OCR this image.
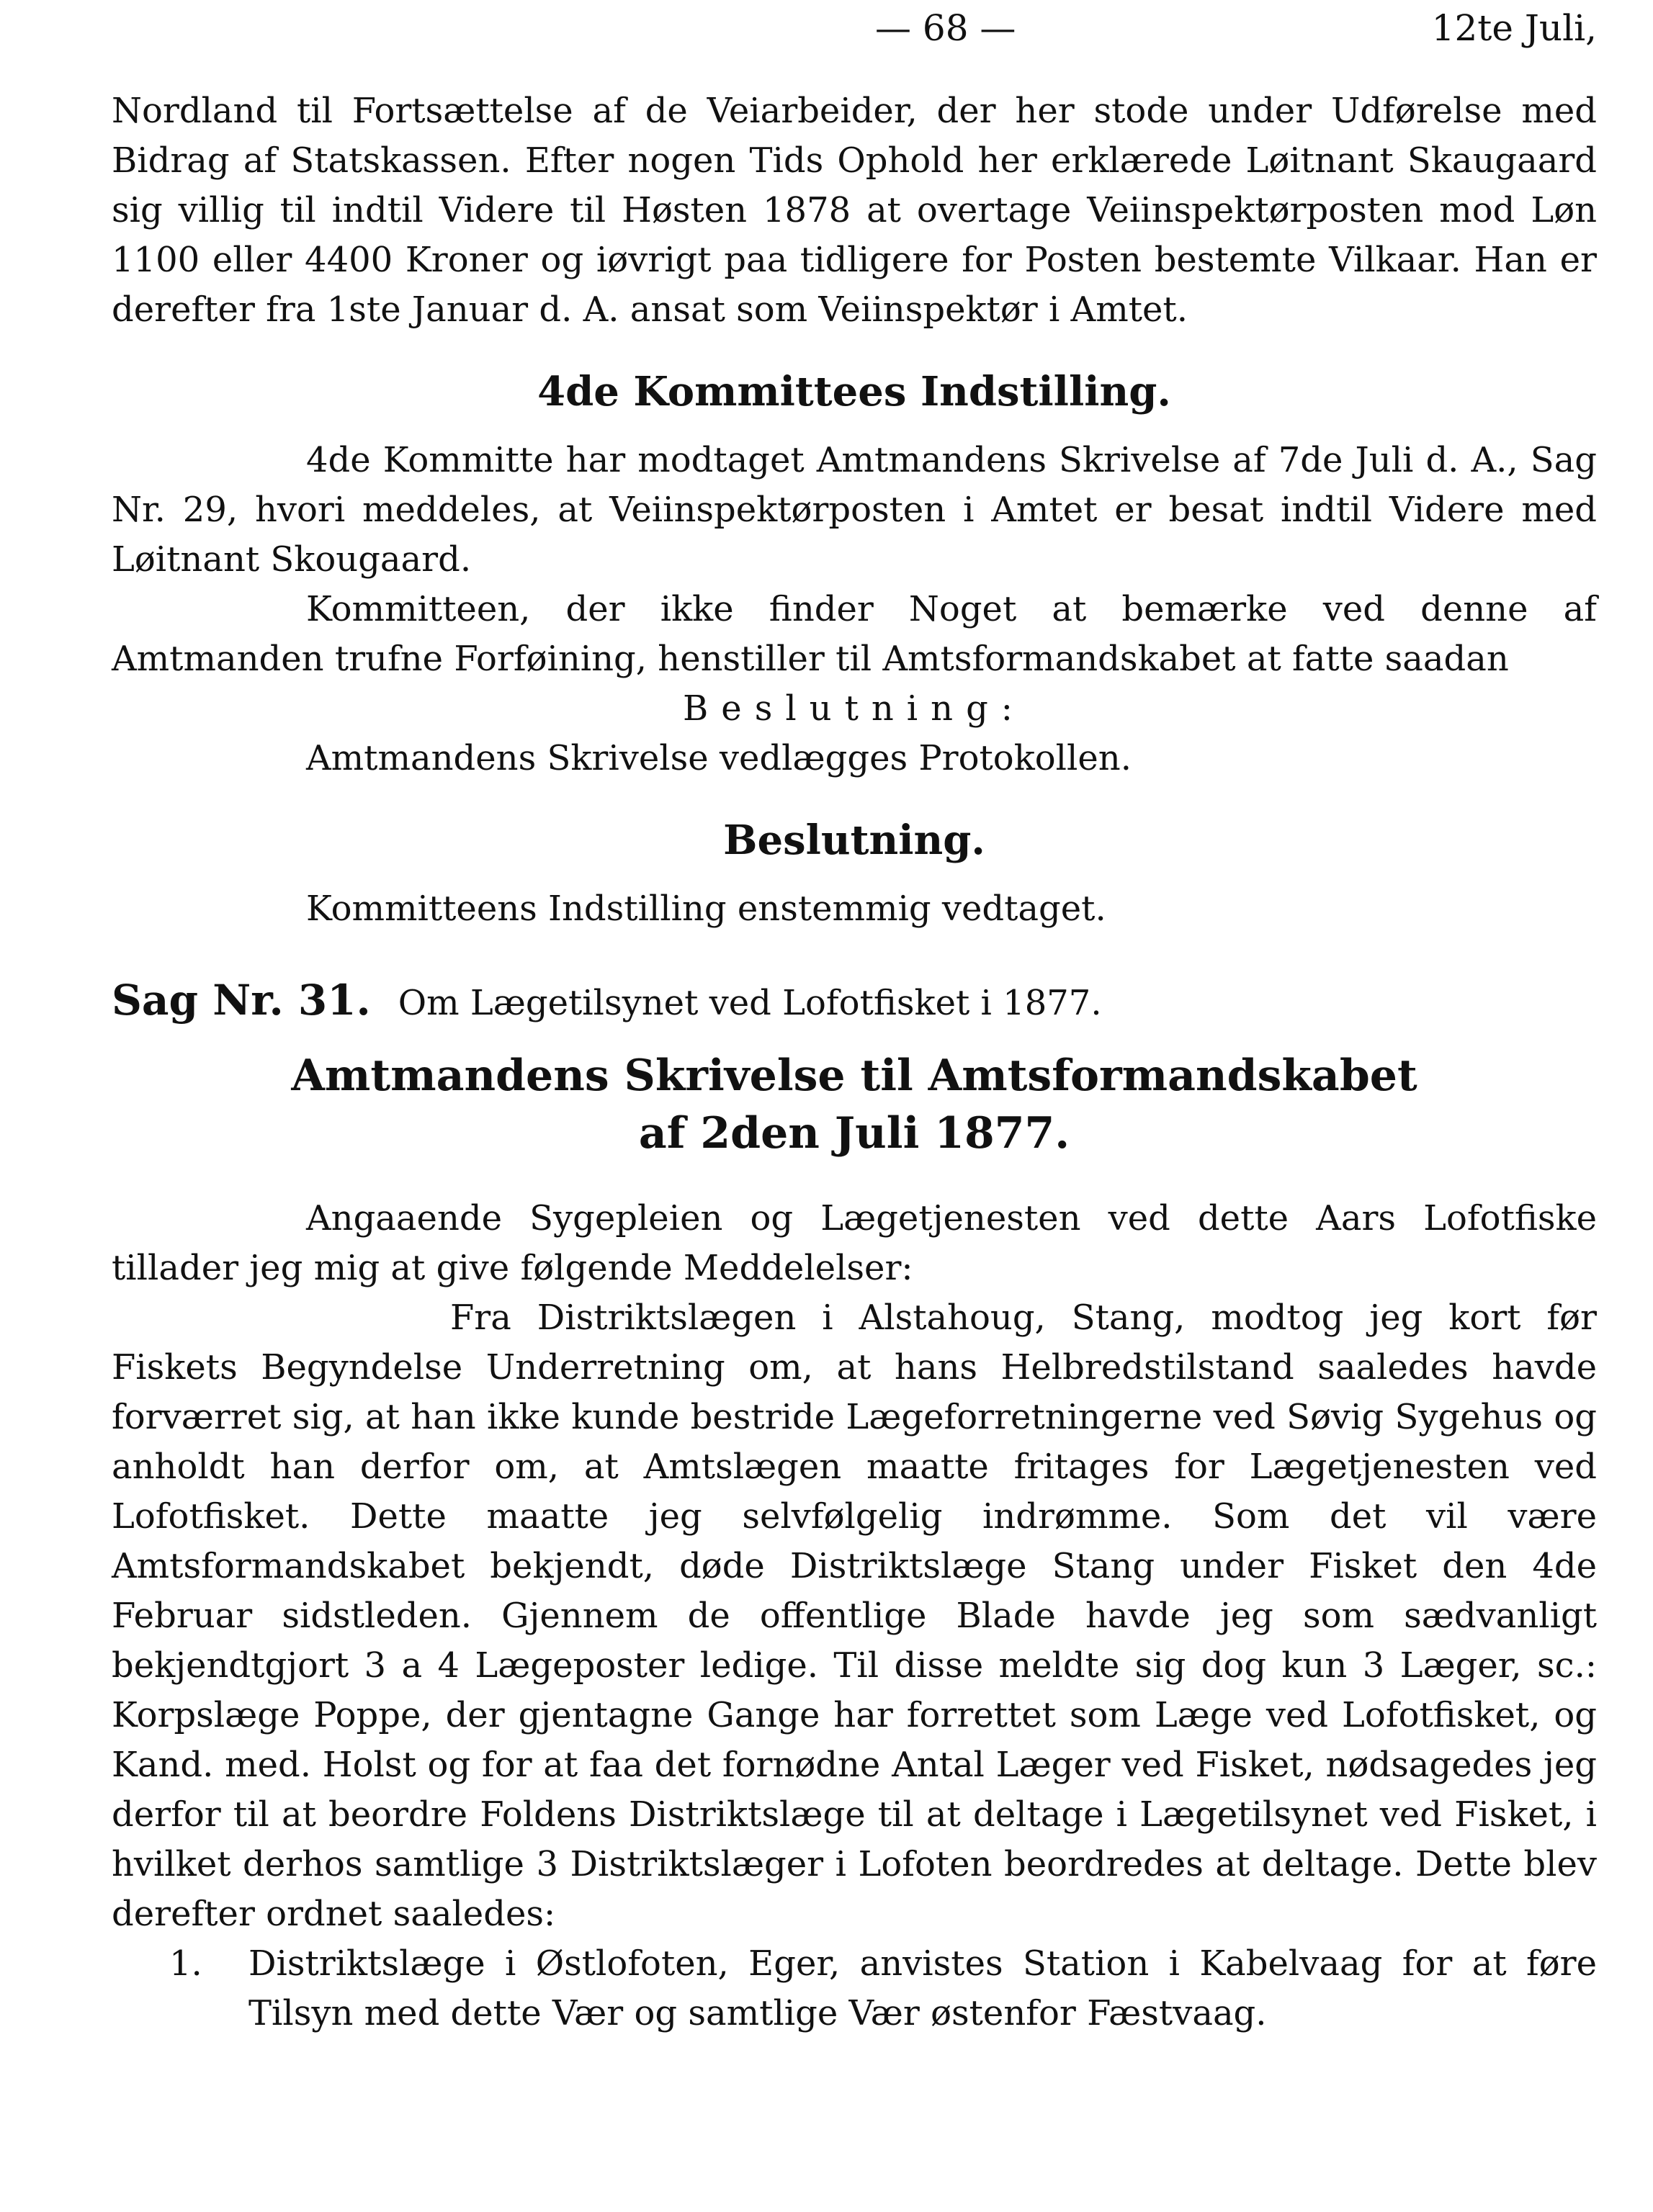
— 68 —	12te Juli,

Nordland til Fortsættelse af de Veiarbeider, der her stode under Udførelse med Bidrag af Statskassen. Efter nogen Tids Ophold her erklærede Løitnant Skaugaard sig villig til indtil Videre til Høsten 1878 at overtage Veiinspektørposten mod Løn 1100 eller 4400 Kroner og iøvrigt paa tidligere for Posten bestemte Vilkaar. Han er derefter fra 1ste Januar d. A. ansat som Veiinspektør i Amtet.

4de Kommittees Indstilling.

4de Kommitte har modtaget Amtmandens Skrivelse af 7de Juli d. A., Sag Nr. 29, hvori meddeles, at Veiinspektørposten i Amtet er besat indtil Videre med Løitnant Skougaard.

Kommitteen, der ikke finder Noget at bemærke ved denne af Amtmanden trufne Forføining, henstiller til Amtsformandskabet at fatte saadan

Beslutning:

Amtmandens Skrivelse vedlægges Protokollen.

Beslutning.

Kommitteens Indstilling enstemmig vedtaget.

Sag Nr. 31. Om Lægetilsynet ved Lofotfisket i 1877.
Amtmandens Skrivelse til Amtsformandskabet
af 2den Juli 1877.

Angaaende Sygepleien og Lægetjenesten ved dette Aars Lofotfiske tillader jeg mig at give følgende Meddelelser:

Fra Distriktslægen i Alstahoug, Stang, modtog jeg kort før Fiskets Begyndelse Underretning om, at hans Helbredstilstand saaledes havde forværret sig, at han ikke kunde bestride Lægeforretningerne ved Søvig Sygehus og anholdt han derfor om, at Amtslægen maatte fritages for Lægetjenesten ved Lofotfisket. Dette maatte jeg selvfølgelig indrømme. Som det vil være Amtsformandskabet bekjendt, døde Distriktslæge Stang under Fisket den 4de Februar sidstleden. Gjennem de offentlige Blade havde jeg som sædvanligt bekjendtgjort 3 a 4 Lægeposter ledige. Til disse meldte sig dog kun 3 Læger, sc.: Korpslæge Poppe, der gjentagne Gange har forrettet som Læge ved Lofotfisket, og Kand. med. Holst og for at faa det fornødne Antal Læger ved Fisket, nødsagedes jeg derfor til at beordre Foldens Distriktslæge til at deltage i Lægetilsynet ved Fisket, i hvilket derhos samtlige 3 Distriktslæger i Lofoten beordredes at deltage. Dette blev derefter ordnet saaledes:

1.	Distriktslæge i Østlofoten, Eger, anvistes Station i Kabelvaag for at føre Tilsyn med dette Vær og samtlige Vær østenfor Fæstvaag.
